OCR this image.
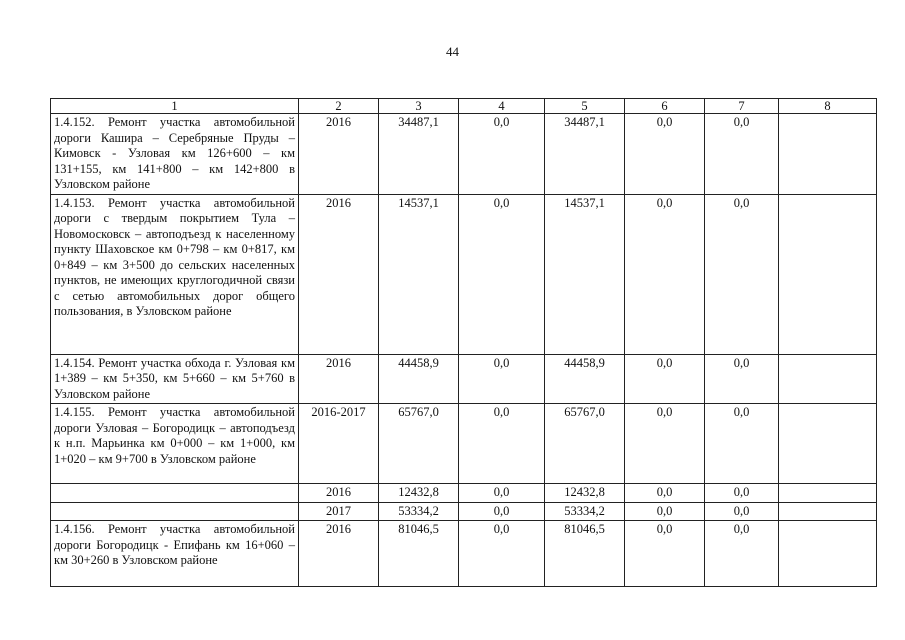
44
1	2	3	4	5	6	7	8
1.4.152. Ремонт участка автомобильной дороги Кашира – Серебряные Пруды – Кимовск - Узловая км 126+600 – км 131+155, км 141+800 – км 142+800 в Узловском районе	2016	34487,1	0,0	34487,1	0,0	0,0	
1.4.153. Ремонт участка автомобильной дороги с твердым покрытием Тула – Новомосковск – автоподъезд к населенному пункту Шаховское км 0+798 – км 0+817, км 0+849 – км 3+500 до сельских населенных пунктов, не имеющих круглогодичной связи с сетью автомобильных дорог общего пользования, в Узловском районе	2016	14537,1	0,0	14537,1	0,0	0,0	
1.4.154. Ремонт участка обхода г. Узловая км 1+389 – км 5+350, км 5+660 – км 5+760 в Узловском районе	2016	44458,9	0,0	44458,9	0,0	0,0	
1.4.155. Ремонт участка автомобильной дороги Узловая – Богородицк – автоподъезд к н.п. Марьинка км 0+000 – км 1+000, км 1+020 – км 9+700 в Узловском районе	2016-2017	65767,0	0,0	65767,0	0,0	0,0	
	2016	12432,8	0,0	12432,8	0,0	0,0	
	2017	53334,2	0,0	53334,2	0,0	0,0	
1.4.156. Ремонт участка автомобильной дороги Богородицк - Епифань км 16+060 – км 30+260 в Узловском районе	2016	81046,5	0,0	81046,5	0,0	0,0	
